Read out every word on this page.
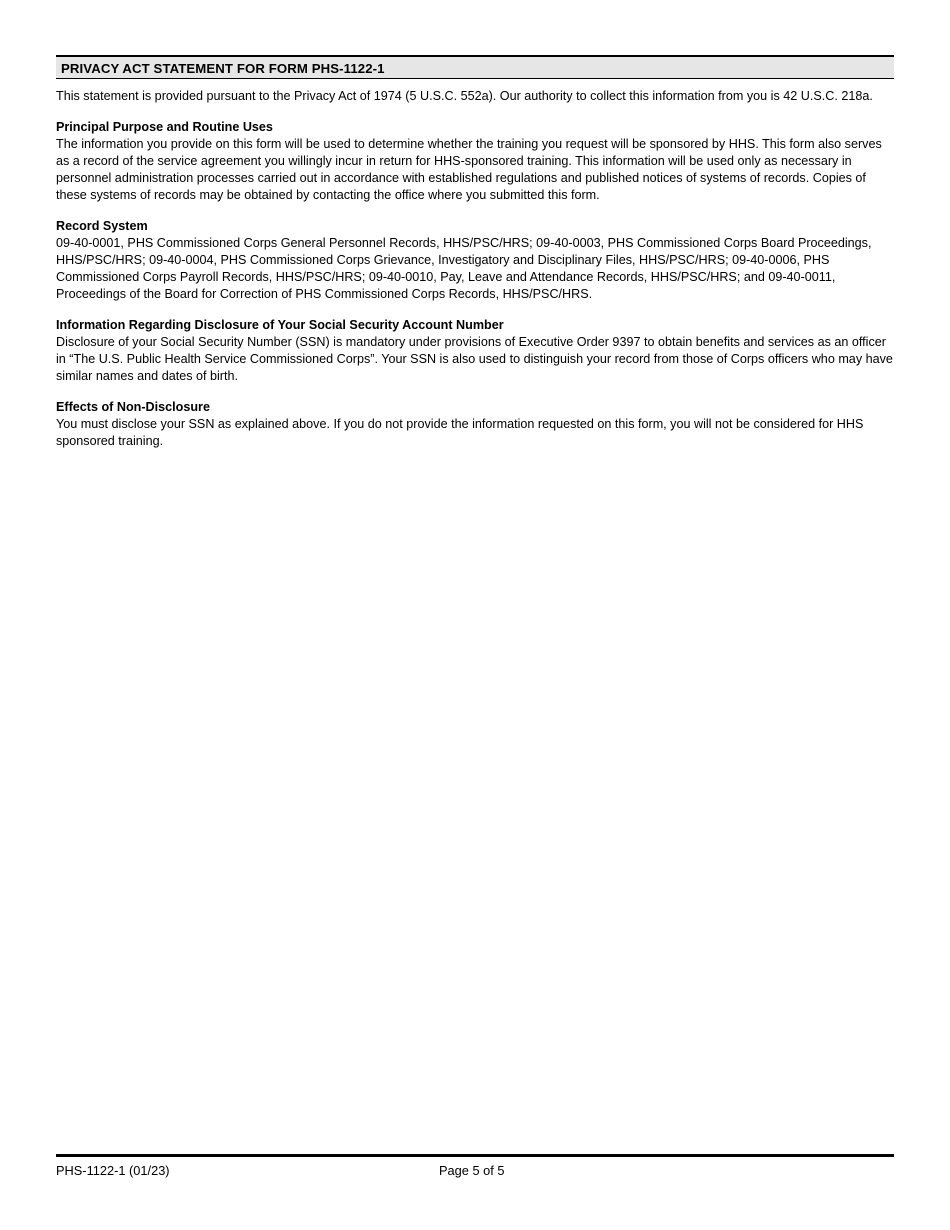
PRIVACY ACT STATEMENT FOR FORM PHS-1122-1

This statement is provided pursuant to the Privacy Act of 1974 (5 U.S.C. 552a). Our authority to collect this information from you is 42 U.S.C. 218a.

Principal Purpose and Routine Uses

The information you provide on this form will be used to determine whether the training you request will be sponsored by HHS. This form also serves as a record of the service agreement you willingly incur in return for HHS-sponsored training. This information will be used only as necessary in personnel administration processes carried out in accordance with established regulations and published notices of systems of records. Copies of these systems of records may be obtained by contacting the office where you submitted this form.

Record System

09-40-0001, PHS Commissioned Corps General Personnel Records, HHS/PSC/HRS; 09-40-0003, PHS Commissioned Corps Board Proceedings, HHS/PSC/HRS; 09-40-0004, PHS Commissioned Corps Grievance, Investigatory and Disciplinary Files, HHS/PSC/HRS; 09-40-0006, PHS Commissioned Corps Payroll Records, HHS/PSC/HRS; 09-40-0010, Pay, Leave and Attendance Records, HHS/PSC/HRS; and 09-40-0011, Proceedings of the Board for Correction of PHS Commissioned Corps Records, HHS/PSC/HRS.

Information Regarding Disclosure of Your Social Security Account Number

Disclosure of your Social Security Number (SSN) is mandatory under provisions of Executive Order 9397 to obtain benefits and services as an officer in “The U.S. Public Health Service Commissioned Corps”. Your SSN is also used to distinguish your record from those of Corps officers who may have similar names and dates of birth.

Effects of Non-Disclosure

You must disclose your SSN as explained above. If you do not provide the information requested on this form, you will not be considered for HHS sponsored training.

PHS-1122-1 (01/23)	Page 5 of 5
